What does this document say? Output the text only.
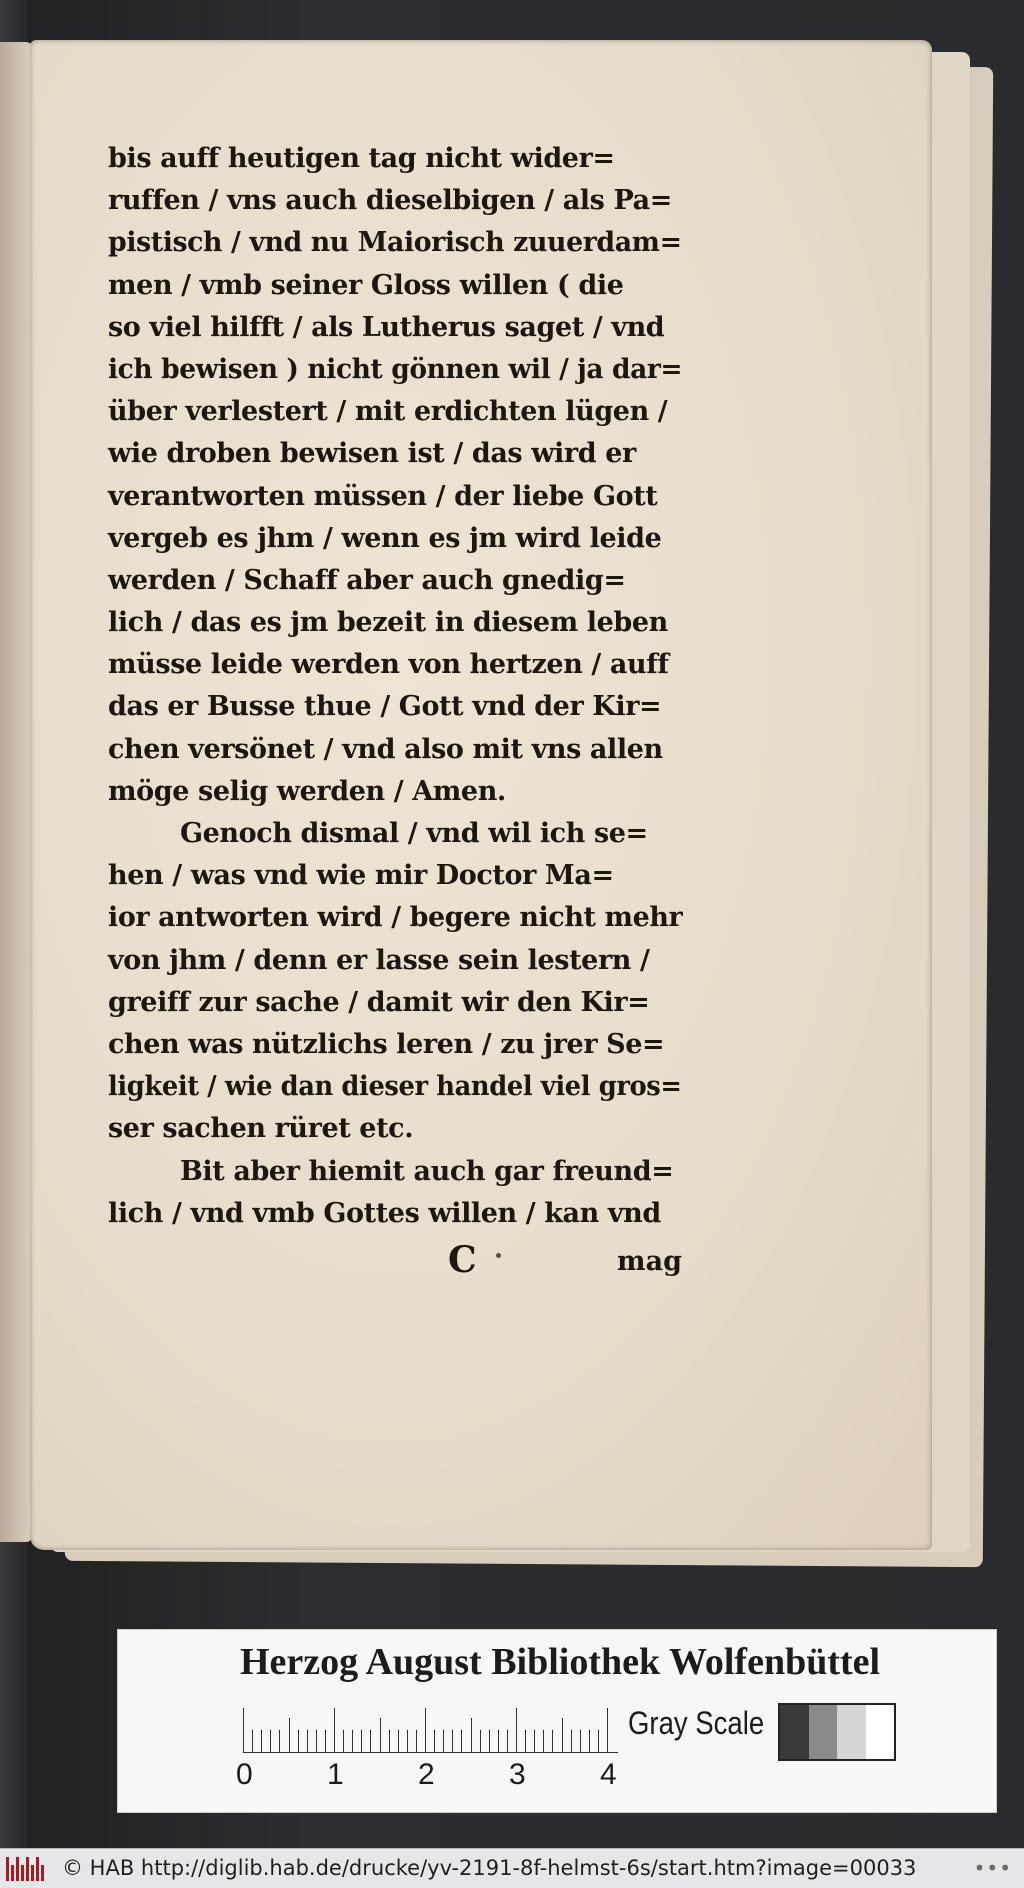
bis auff heutigen tag nicht wider=
ruffen / vns auch dieselbigen / als Pa=
pistisch / vnd nu Maiorisch zuuerdam=
men / vmb seiner Gloss willen ( die
so viel hilfft / als Lutherus saget / vnd
ich bewisen ) nicht gönnen wil / ja dar=
über verlestert / mit erdichten lügen /
wie droben bewisen ist / das wird er
verantworten müssen / der liebe Gott
vergeb es jhm / wenn es jm wird leide
werden / Schaff aber auch gnedig=
lich / das es jm bezeit in diesem leben
müsse leide werden von hertzen / auff
das er Busse thue / Gott vnd der Kir=
chen versönet / vnd also mit vns allen
möge selig werden / Amen.
Genoch dismal / vnd wil ich se=
hen / was vnd wie mir Doctor Ma=
ior antworten wird / begere nicht mehr
von jhm / denn er lasse sein lestern /
greiff zur sache / damit wir den Kir=
chen was nützlichs leren / zu jrer Se=
ligkeit / wie dan dieser handel viel gros=
ser sachen rüret etc.
Bit aber hiemit auch gar freund=
lich / vnd vmb Gottes willen / kan vnd
C	mag
Herzog August Bibliothek Wolfenbüttel
0 1 2 3 4
Gray Scale
© HAB http://diglib.hab.de/drucke/yv-2191-8f-helmst-6s/start.htm?image=00033	•••
